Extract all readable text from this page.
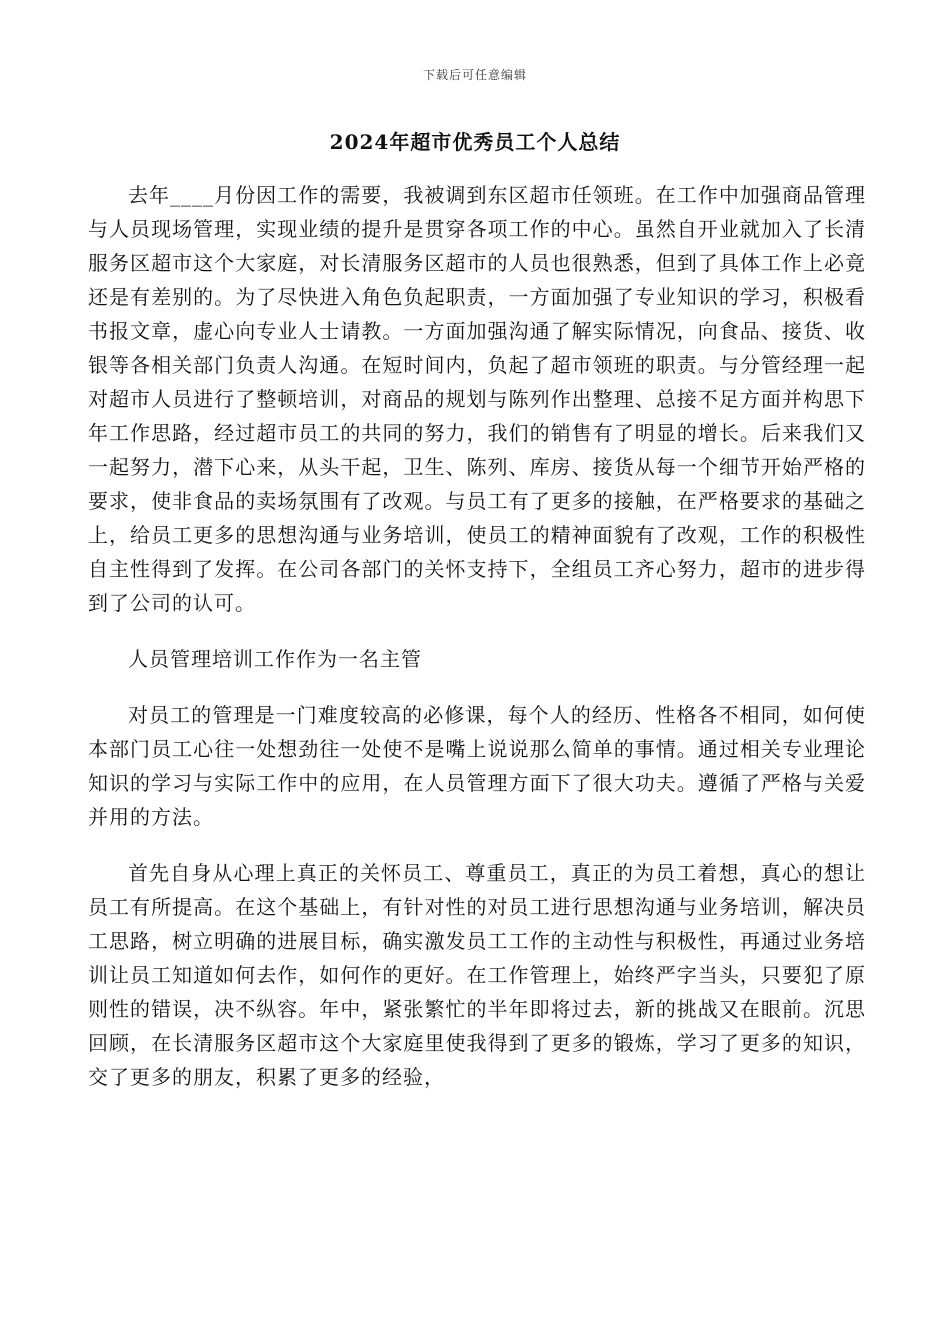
下载后可任意编辑
2024年超市优秀员工个人总结

去年____月份因工作的需要，我被调到东区超市任领班。在工作中加强商品管理与人员现场管理，实现业绩的提升是贯穿各项工作的中心。虽然自开业就加入了长清服务区超市这个大家庭，对长清服务区超市的人员也很熟悉，但到了具体工作上必竟还是有差别的。为了尽快进入角色负起职责，一方面加强了专业知识的学习，积极看书报文章，虚心向专业人士请教。一方面加强沟通了解实际情况，向食品、接货、收银等各相关部门负责人沟通。在短时间内，负起了超市领班的职责。与分管经理一起对超市人员进行了整顿培训，对商品的规划与陈列作出整理、总接不足方面并构思下年工作思路，经过超市员工的共同的努力，我们的销售有了明显的增长。后来我们又一起努力，潜下心来，从头干起，卫生、陈列、库房、接货从每一个细节开始严格的要求，使非食品的卖场氛围有了改观。与员工有了更多的接触，在严格要求的基础之上，给员工更多的思想沟通与业务培训，使员工的精神面貌有了改观，工作的积极性自主性得到了发挥。在公司各部门的关怀支持下，全组员工齐心努力，超市的进步得到了公司的认可。

人员管理培训工作作为一名主管

对员工的管理是一门难度较高的必修课，每个人的经历、性格各不相同，如何使本部门员工心往一处想劲往一处使不是嘴上说说那么简单的事情。通过相关专业理论知识的学习与实际工作中的应用，在人员管理方面下了很大功夫。遵循了严格与关爱并用的方法。

首先自身从心理上真正的关怀员工、尊重员工，真正的为员工着想，真心的想让员工有所提高。在这个基础上，有针对性的对员工进行思想沟通与业务培训，解决员工思路，树立明确的进展目标，确实激发员工工作的主动性与积极性，再通过业务培训让员工知道如何去作，如何作的更好。在工作管理上，始终严字当头，只要犯了原则性的错误，决不纵容。年中，紧张繁忙的半年即将过去，新的挑战又在眼前。沉思回顾，在长清服务区超市这个大家庭里使我得到了更多的锻炼，学习了更多的知识，交了更多的朋友，积累了更多的经验，
